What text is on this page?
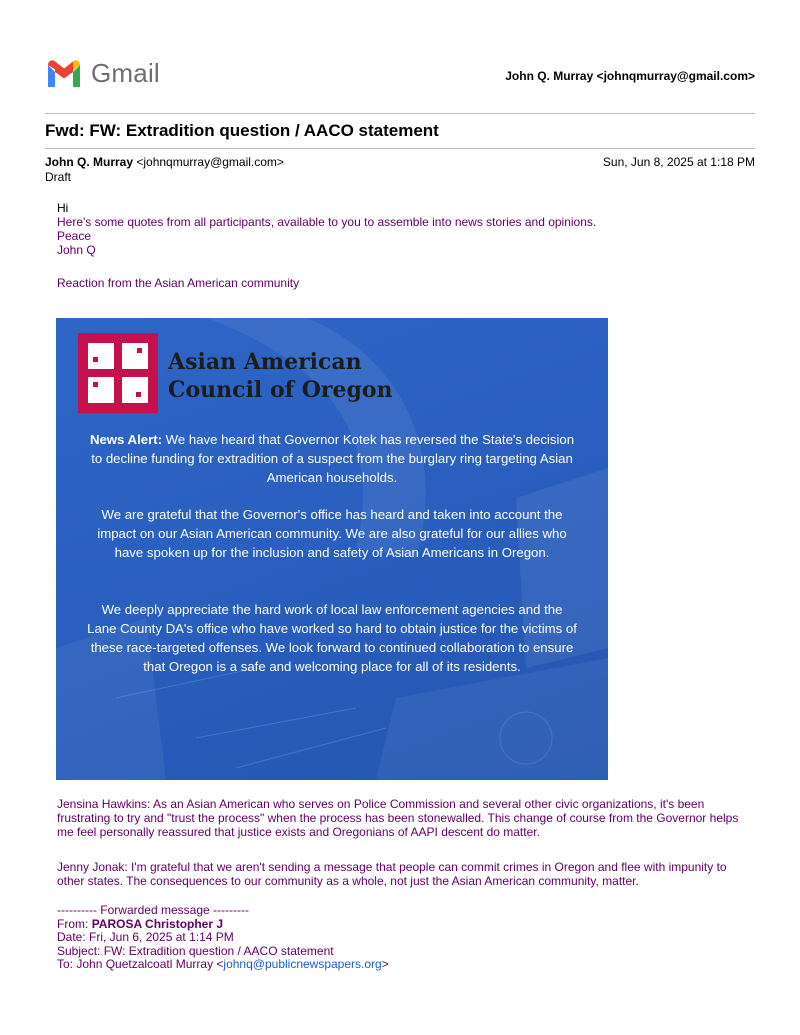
Gmail	John Q. Murray <johnqmurray@gmail.com>
Fwd: FW: Extradition question / AACO statement
John Q. Murray <johnqmurray@gmail.com>
Draft
Sun, Jun 8, 2025 at 1:18 PM

Hi

Here's some quotes from all participants, available to you to assemble into news stories and opinions.

Peace

John Q

Reaction from the Asian American community
Asian American
Council of Oregon
News Alert: We have heard that Governor Kotek has reversed the State's decision to decline funding for extradition of a suspect from the burglary ring targeting Asian American households.
We are grateful that the Governor's office has heard and taken into account the impact on our Asian American community. We are also grateful for our allies who have spoken up for the inclusion and safety of Asian Americans in Oregon.
We deeply appreciate the hard work of local law enforcement agencies and the Lane County DA's office who have worked so hard to obtain justice for the victims of these race-targeted offenses. We look forward to continued collaboration to ensure that Oregon is a safe and welcoming place for all of its residents.
Jensina Hawkins: As an Asian American who serves on Police Commission and several other civic organizations, it's been frustrating to try and "trust the process" when the process has been stonewalled. This change of course from the Governor helps me feel personally reassured that justice exists and Oregonians of AAPI descent do matter.
Jenny Jonak: I'm grateful that we aren't sending a message that people can commit crimes in Oregon and flee with impunity to other states. The consequences to our community as a whole, not just the Asian American community, matter.

---------- Forwarded message ---------

From: PAROSA Christopher J

Date: Fri, Jun 6, 2025 at 1:14 PM

Subject: FW: Extradition question / AACO statement

To: John Quetzalcoatl Murray <johnq@publicnewspapers.org>
